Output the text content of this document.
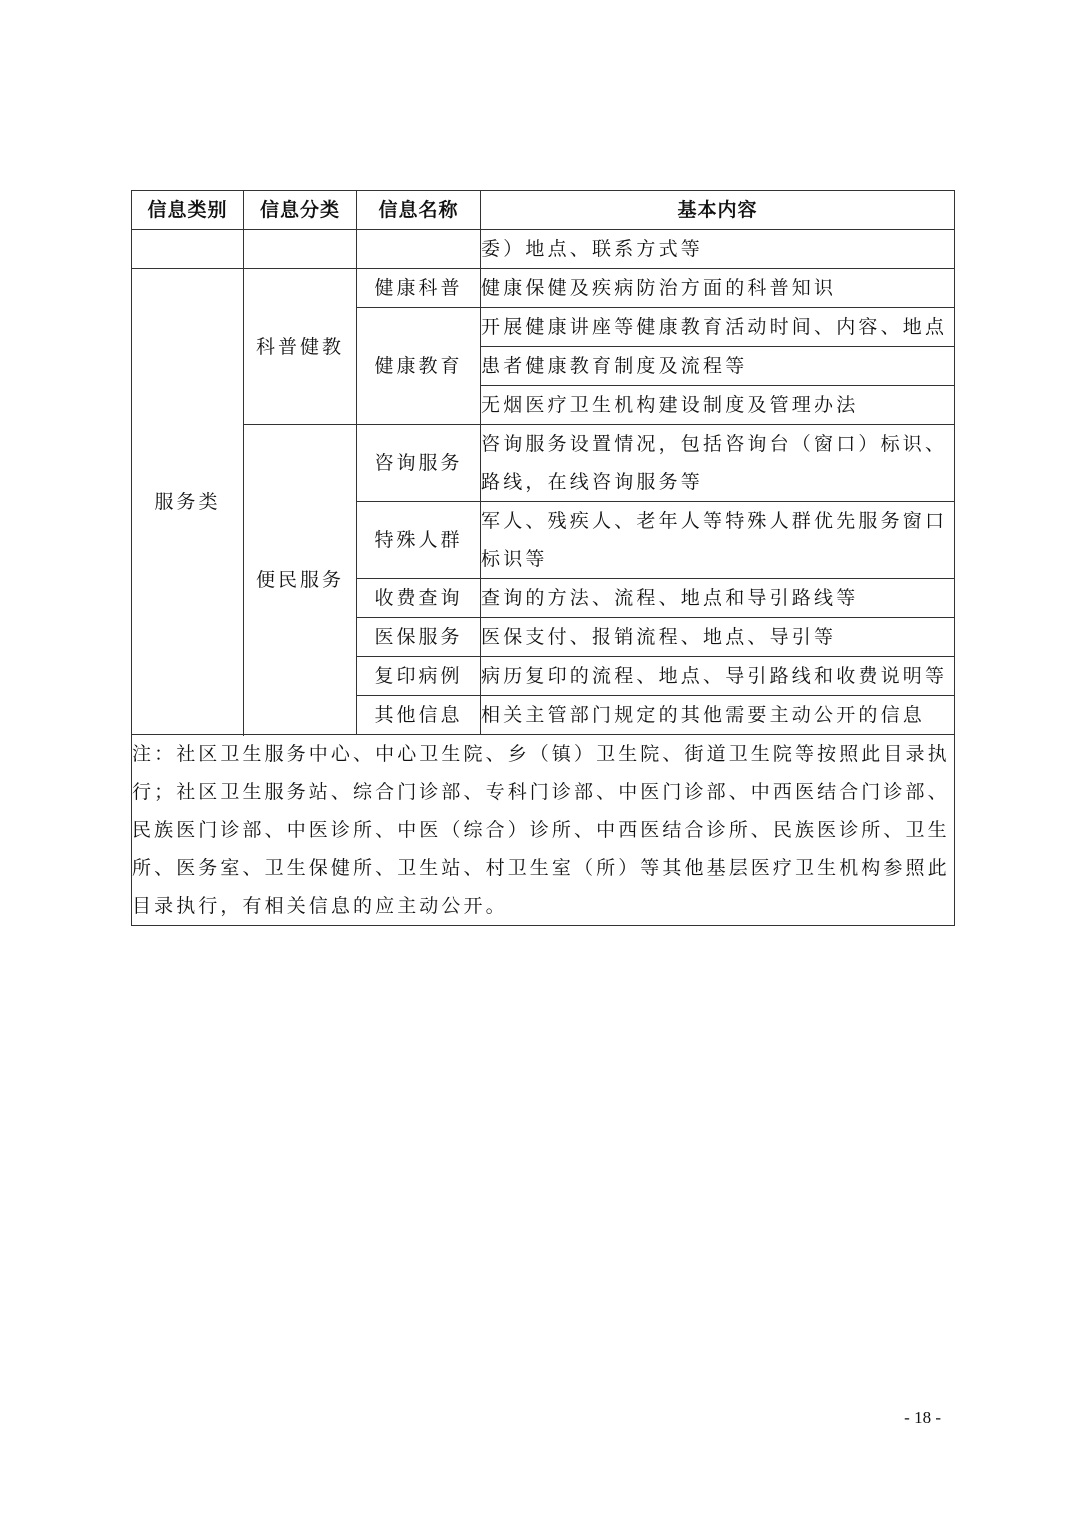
信息类别	信息分类	信息名称	基本内容
			委）地点、联系方式等
服务类	科普健教	健康科普	健康保健及疾病防治方面的科普知识
		健康教育	开展健康讲座等健康教育活动时间、内容、地点
			患者健康教育制度及流程等
			无烟医疗卫生机构建设制度及管理办法
	便民服务	咨询服务	咨询服务设置情况，包括咨询台（窗口）标识、路线，在线咨询服务等

		特殊人群	军人、残疾人、老年人等特殊人群优先服务窗口标识等

		收费查询	查询的方法、流程、地点和导引路线等
		医保服务	医保支付、报销流程、地点、导引等
		复印病例	病历复印的流程、地点、导引路线和收费说明等
		其他信息	相关主管部门规定的其他需要主动公开的信息

注：社区卫生服务中心、中心卫生院、乡（镇）卫生院、街道卫生院等按照此目录执行；社区卫生服务站、综合门诊部、专科门诊部、中医门诊部、中西医结合门诊部、民族医门诊部、中医诊所、中医（综合）诊所、中西医结合诊所、民族医诊所、卫生所、医务室、卫生保健所、卫生站、村卫生室（所）等其他基层医疗卫生机构参照此目录执行，有相关信息的应主动公开。			
- 18 -
